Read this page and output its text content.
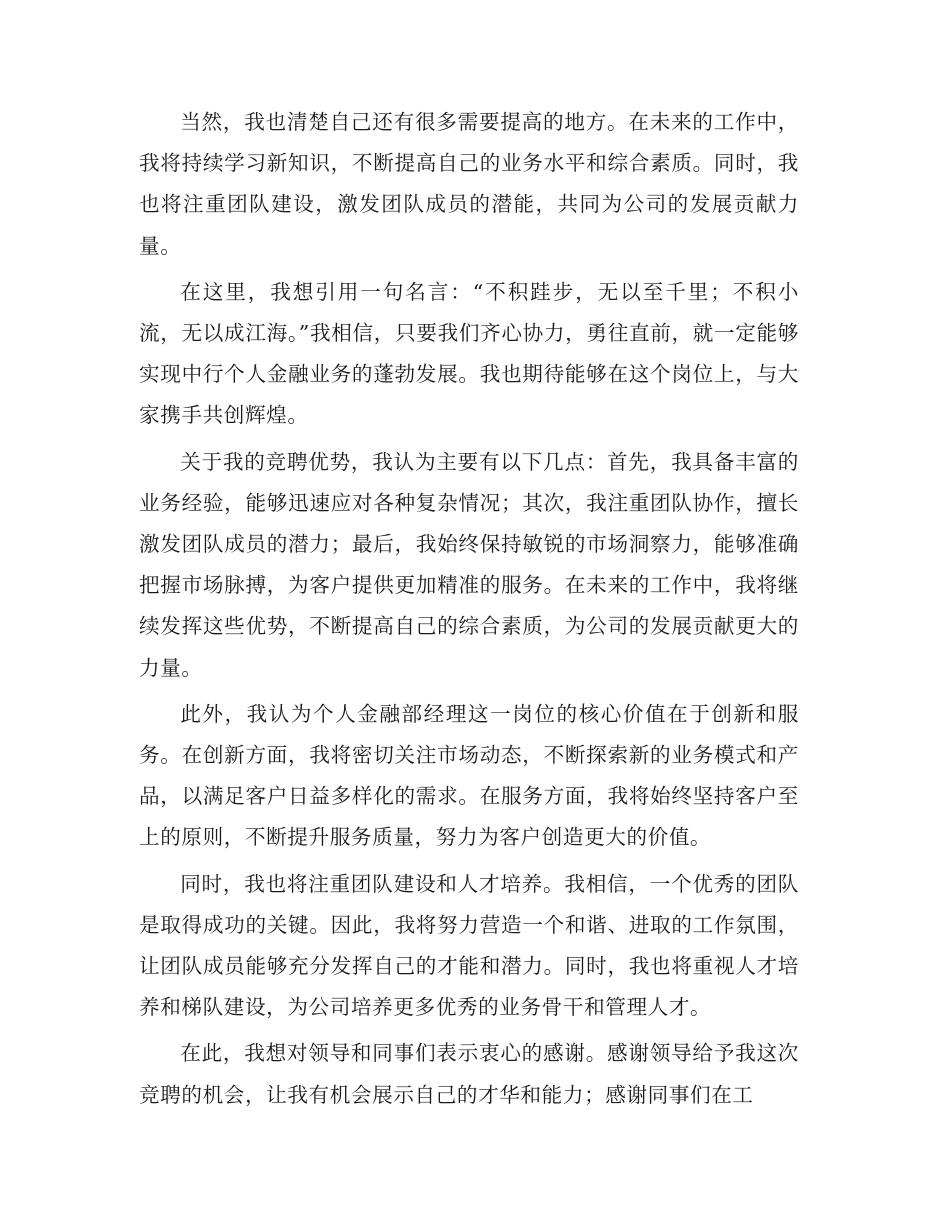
当然，我也清楚自己还有很多需要提高的地方。在未来的工作中，我将持续学习新知识，不断提高自己的业务水平和综合素质。同时，我也将注重团队建设，激发团队成员的潜能，共同为公司的发展贡献力量。

在这里，我想引用一句名言：“不积跬步，无以至千里；不积小流，无以成江海。”我相信，只要我们齐心协力，勇往直前，就一定能够实现中行个人金融业务的蓬勃发展。我也期待能够在这个岗位上，与大家携手共创辉煌。

关于我的竞聘优势，我认为主要有以下几点：首先，我具备丰富的业务经验，能够迅速应对各种复杂情况；其次，我注重团队协作，擅长激发团队成员的潜力；最后，我始终保持敏锐的市场洞察力，能够准确把握市场脉搏，为客户提供更加精准的服务。在未来的工作中，我将继续发挥这些优势，不断提高自己的综合素质，为公司的发展贡献更大的力量。

此外，我认为个人金融部经理这一岗位的核心价值在于创新和服务。在创新方面，我将密切关注市场动态，不断探索新的业务模式和产品，以满足客户日益多样化的需求。在服务方面，我将始终坚持客户至上的原则，不断提升服务质量，努力为客户创造更大的价值。

同时，我也将注重团队建设和人才培养。我相信，一个优秀的团队是取得成功的关键。因此，我将努力营造一个和谐、进取的工作氛围，让团队成员能够充分发挥自己的才能和潜力。同时，我也将重视人才培养和梯队建设，为公司培养更多优秀的业务骨干和管理人才。

在此，我想对领导和同事们表示衷心的感谢。感谢领导给予我这次竞聘的机会，让我有机会展示自己的才华和能力；感谢同事们在工
